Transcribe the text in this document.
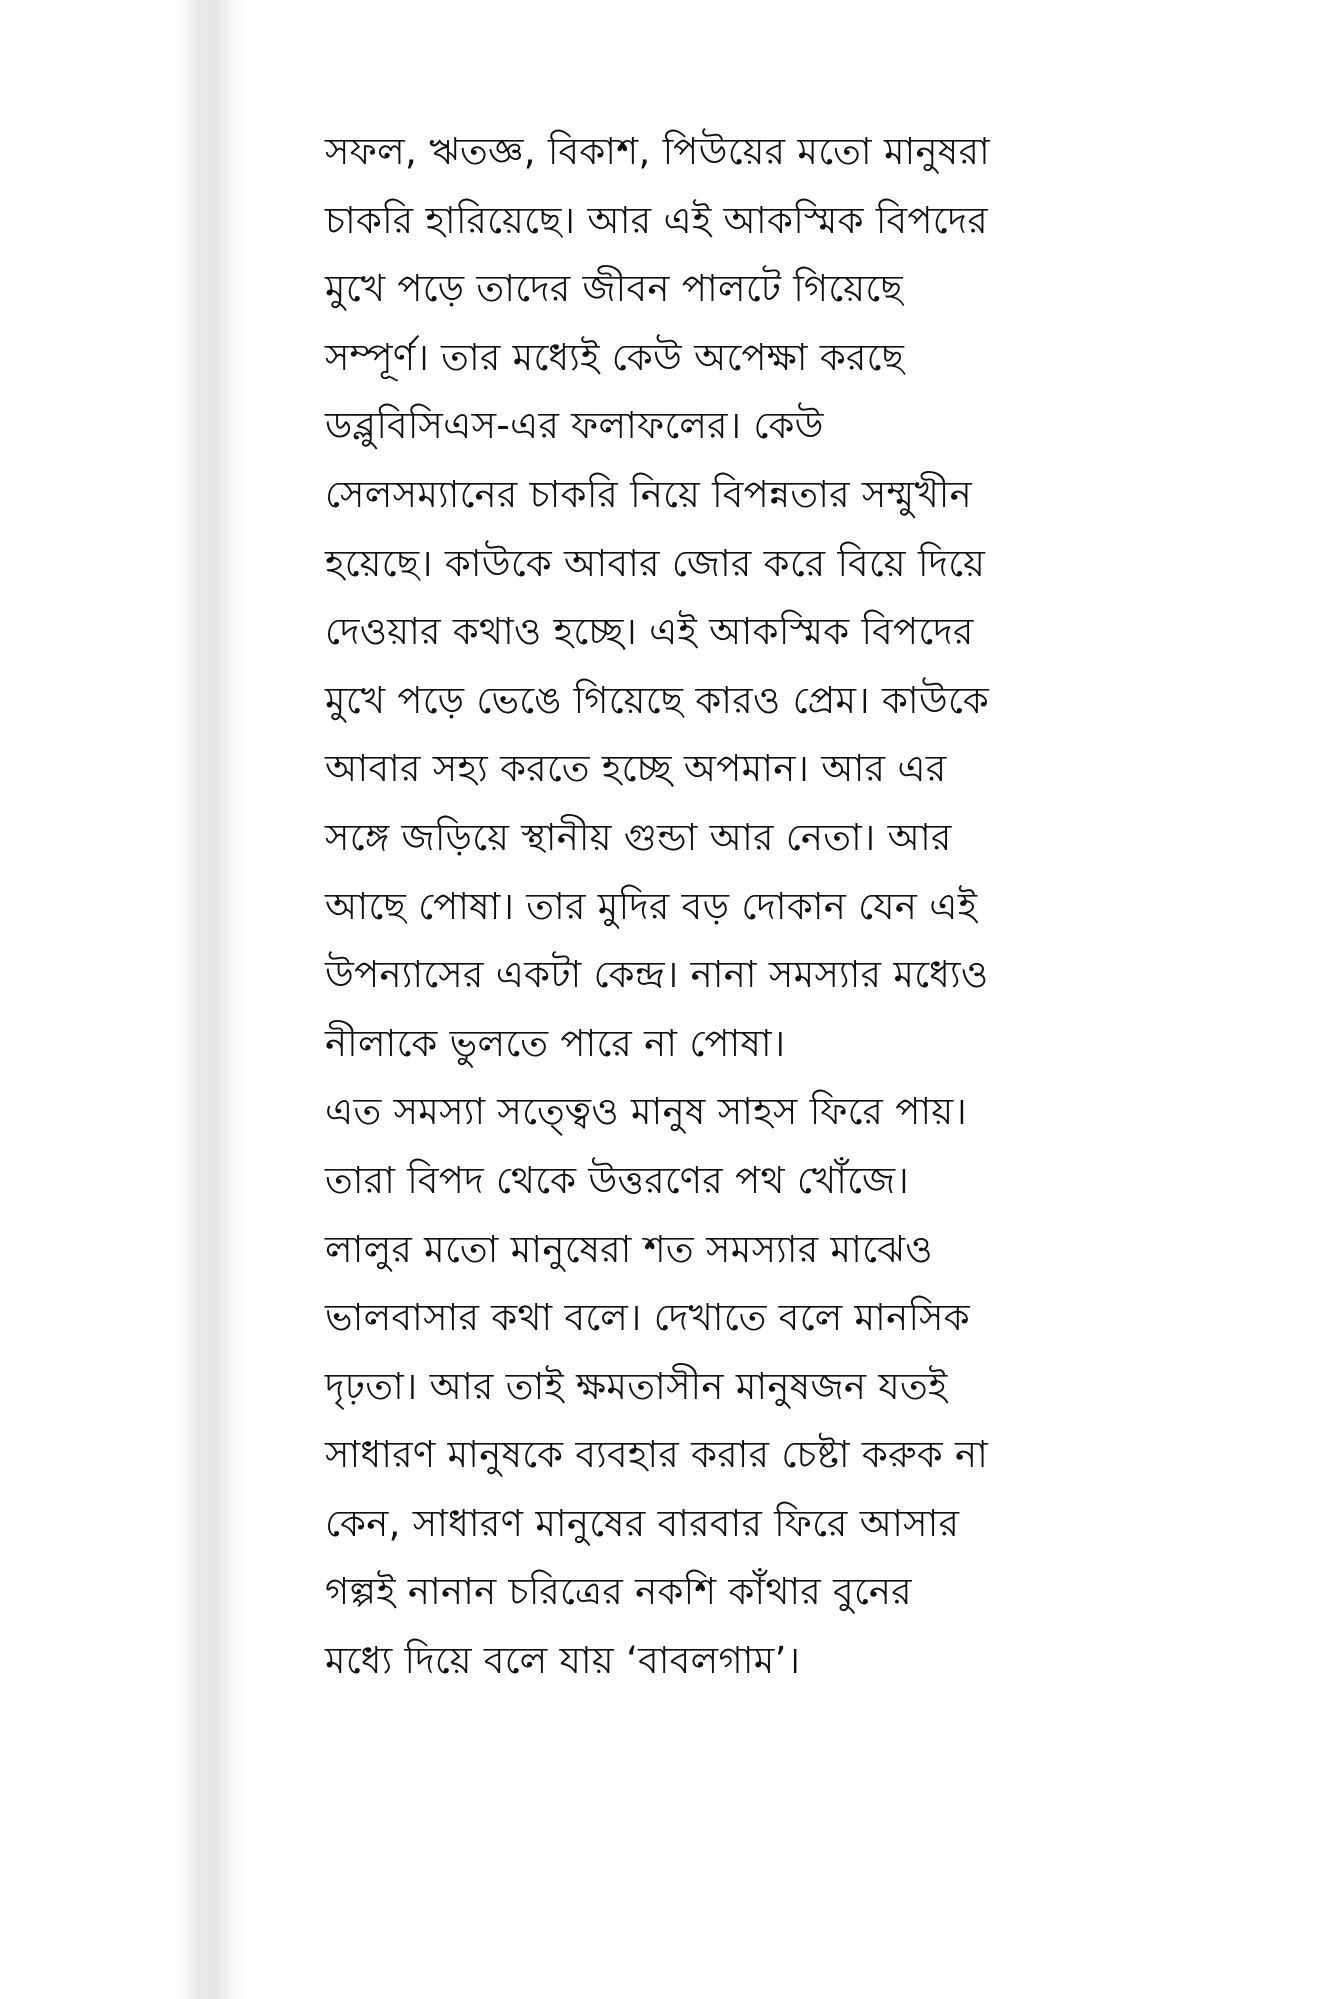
সফল, ঋতজ্ঞ, বিকাশ, পিউয়ের মতো মানুষরা
চাকরি হারিয়েছে। আর এই আকস্মিক বিপদের
মুখে পড়ে তাদের জীবন পালটে গিয়েছে
সম্পূর্ণ। তার মধ্যেই কেউ অপেক্ষা করছে
ডব্লুবিসিএস-এর ফলাফলের। কেউ
সেলসম্যানের চাকরি নিয়ে বিপন্নতার সম্মুখীন
হয়েছে। কাউকে আবার জোর করে বিয়ে দিয়ে
দেওয়ার কথাও হচ্ছে। এই আকস্মিক বিপদের
মুখে পড়ে ভেঙে গিয়েছে কারও প্রেম। কাউকে
আবার সহ্য করতে হচ্ছে অপমান। আর এর
সঙ্গে জড়িয়ে স্থানীয় গুন্ডা আর নেতা। আর
আছে পোষা। তার মুদির বড় দোকান যেন এই
উপন্যাসের একটা কেন্দ্র। নানা সমস্যার মধ্যেও
নীলাকে ভুলতে পারে না পোষা।
এত সমস্যা সত্ত্বেও মানুষ সাহস ফিরে পায়।
তারা বিপদ থেকে উত্তরণের পথ খোঁজে।
লালুর মতো মানুষেরা শত সমস্যার মাঝেও
ভালবাসার কথা বলে। দেখাতে বলে মানসিক
দৃঢ়তা। আর তাই ক্ষমতাসীন মানুষজন যতই
সাধারণ মানুষকে ব্যবহার করার চেষ্টা করুক না
কেন, সাধারণ মানুষের বারবার ফিরে আসার
গল্পই নানান চরিত্রের নকশি কাঁথার বুনের
মধ্যে দিয়ে বলে যায় ‘বাবলগাম’।
